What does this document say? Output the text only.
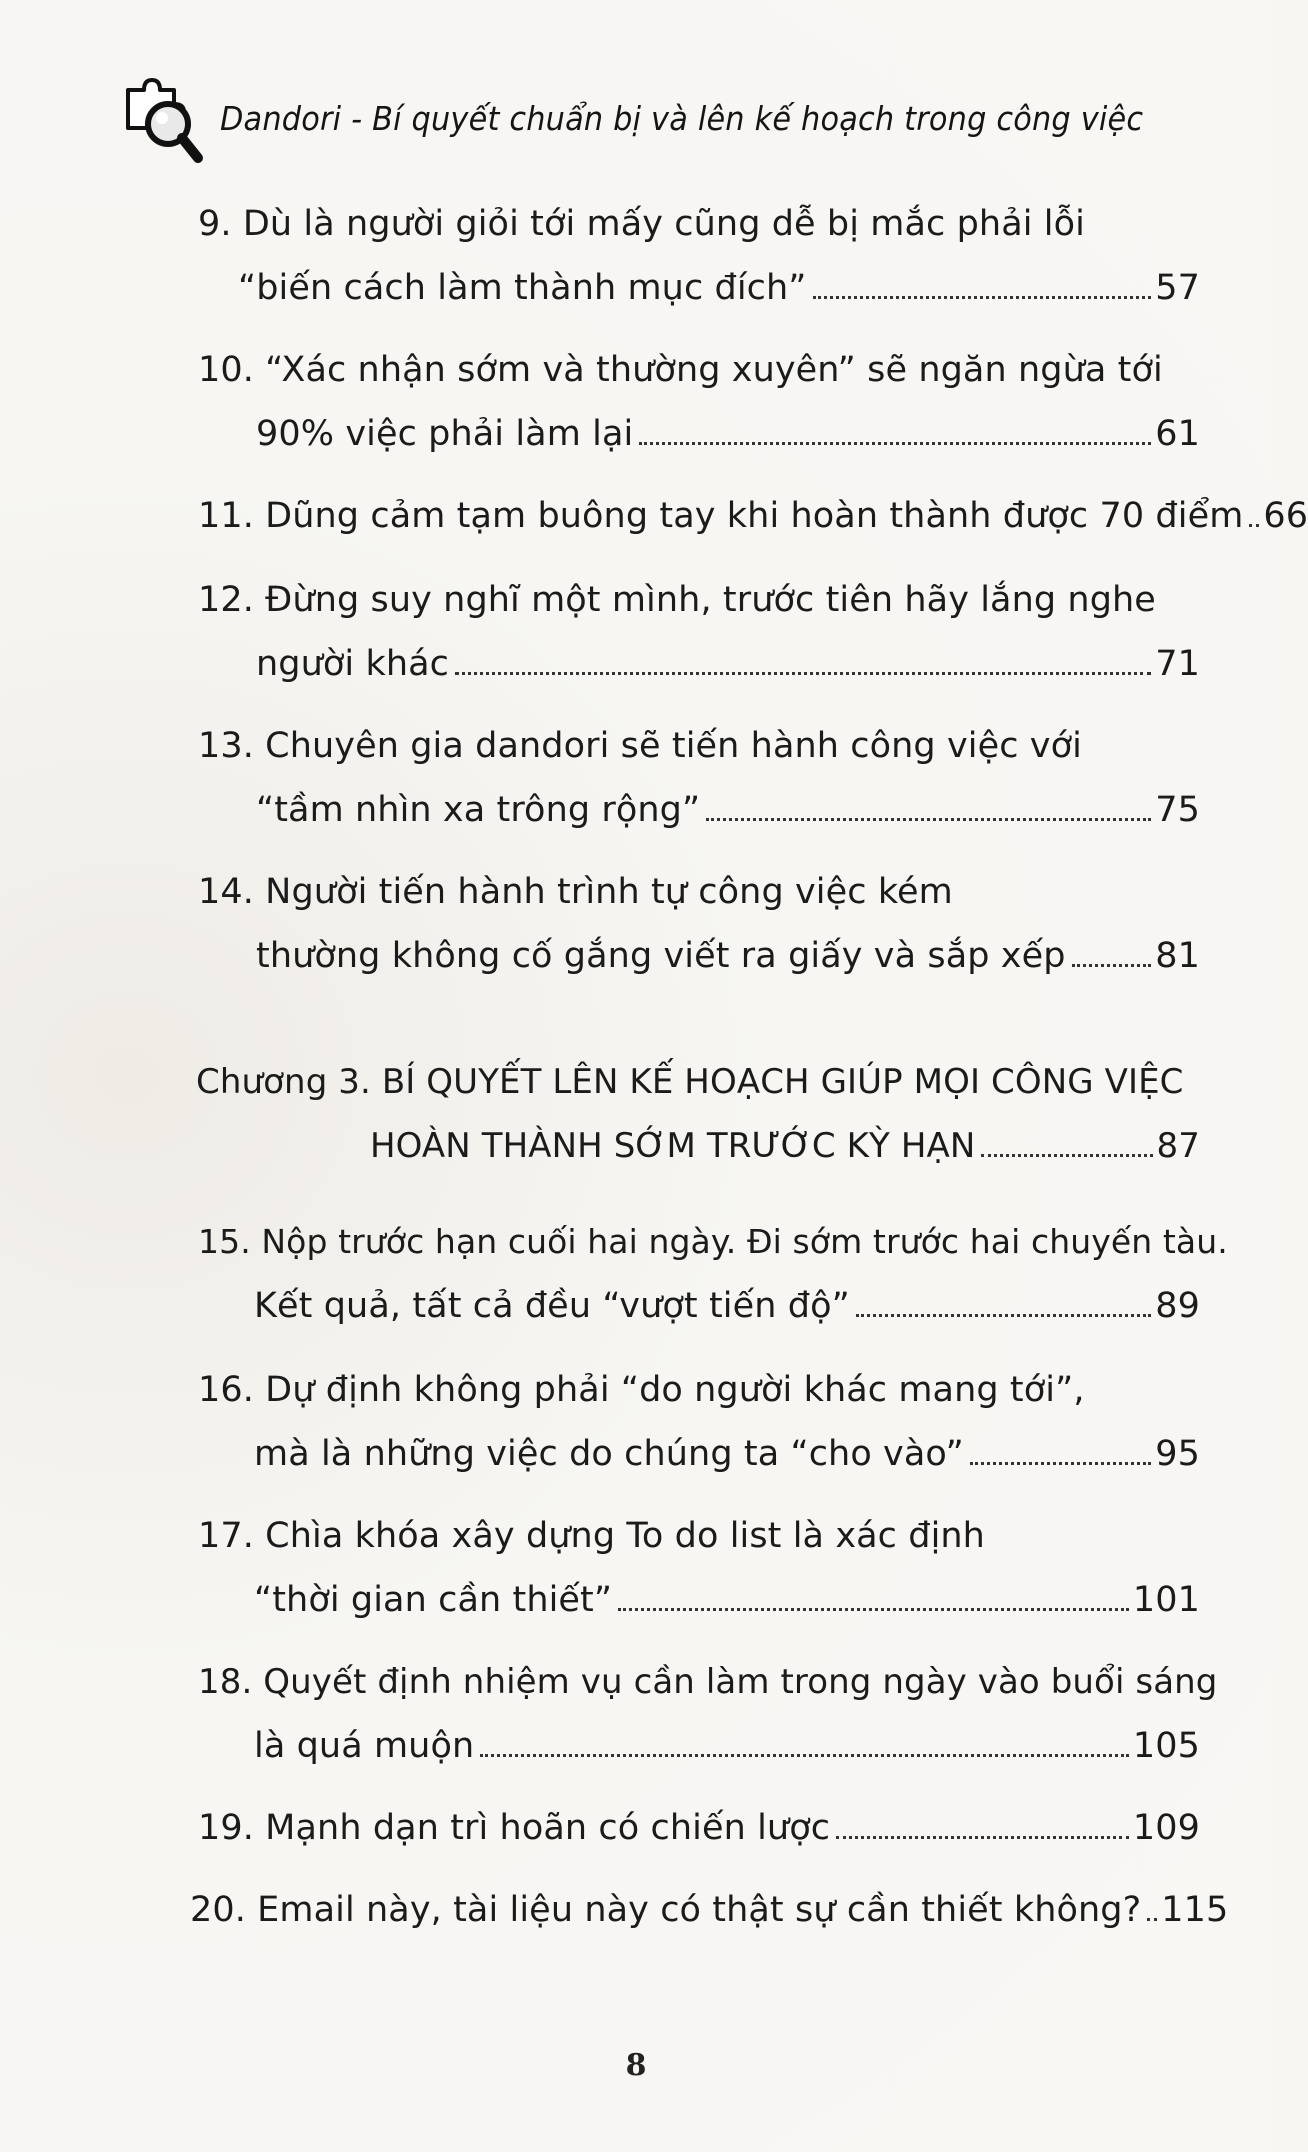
Dandori - Bí quyết chuẩn bị và lên kế hoạch trong công việc
9. Dù là người giỏi tới mấy cũng dễ bị mắc phải lỗi
“biến cách làm thành mục đích”	57
10. “Xác nhận sớm và thường xuyên” sẽ ngăn ngừa tới
90% việc phải làm lại	61
11. Dũng cảm tạm buông tay khi hoàn thành được 70 điểm 66
12. Đừng suy nghĩ một mình, trước tiên hãy lắng nghe
người khác	71
13. Chuyên gia dandori sẽ tiến hành công việc với
“tầm nhìn xa trông rộng”	75
14. Người tiến hành trình tự công việc kém
thường không cố gắng viết ra giấy và sắp xếp	81
Chương 3. BÍ QUYẾT LÊN KẾ HOẠCH GIÚP MỌI CÔNG VIỆC
HOÀN THÀNH SỚM TRƯỚC KỲ HẠN	87
15. Nộp trước hạn cuối hai ngày. Đi sớm trước hai chuyến tàu.
Kết quả, tất cả đều “vượt tiến độ”	89
16. Dự định không phải “do người khác mang tới”,
mà là những việc do chúng ta “cho vào”	95
17. Chìa khóa xây dựng To do list là xác định
“thời gian cần thiết”	101
18. Quyết định nhiệm vụ cần làm trong ngày vào buổi sáng
là quá muộn	105
19. Mạnh dạn trì hoãn có chiến lược	109
20. Email này, tài liệu này có thật sự cần thiết không? 115
8
